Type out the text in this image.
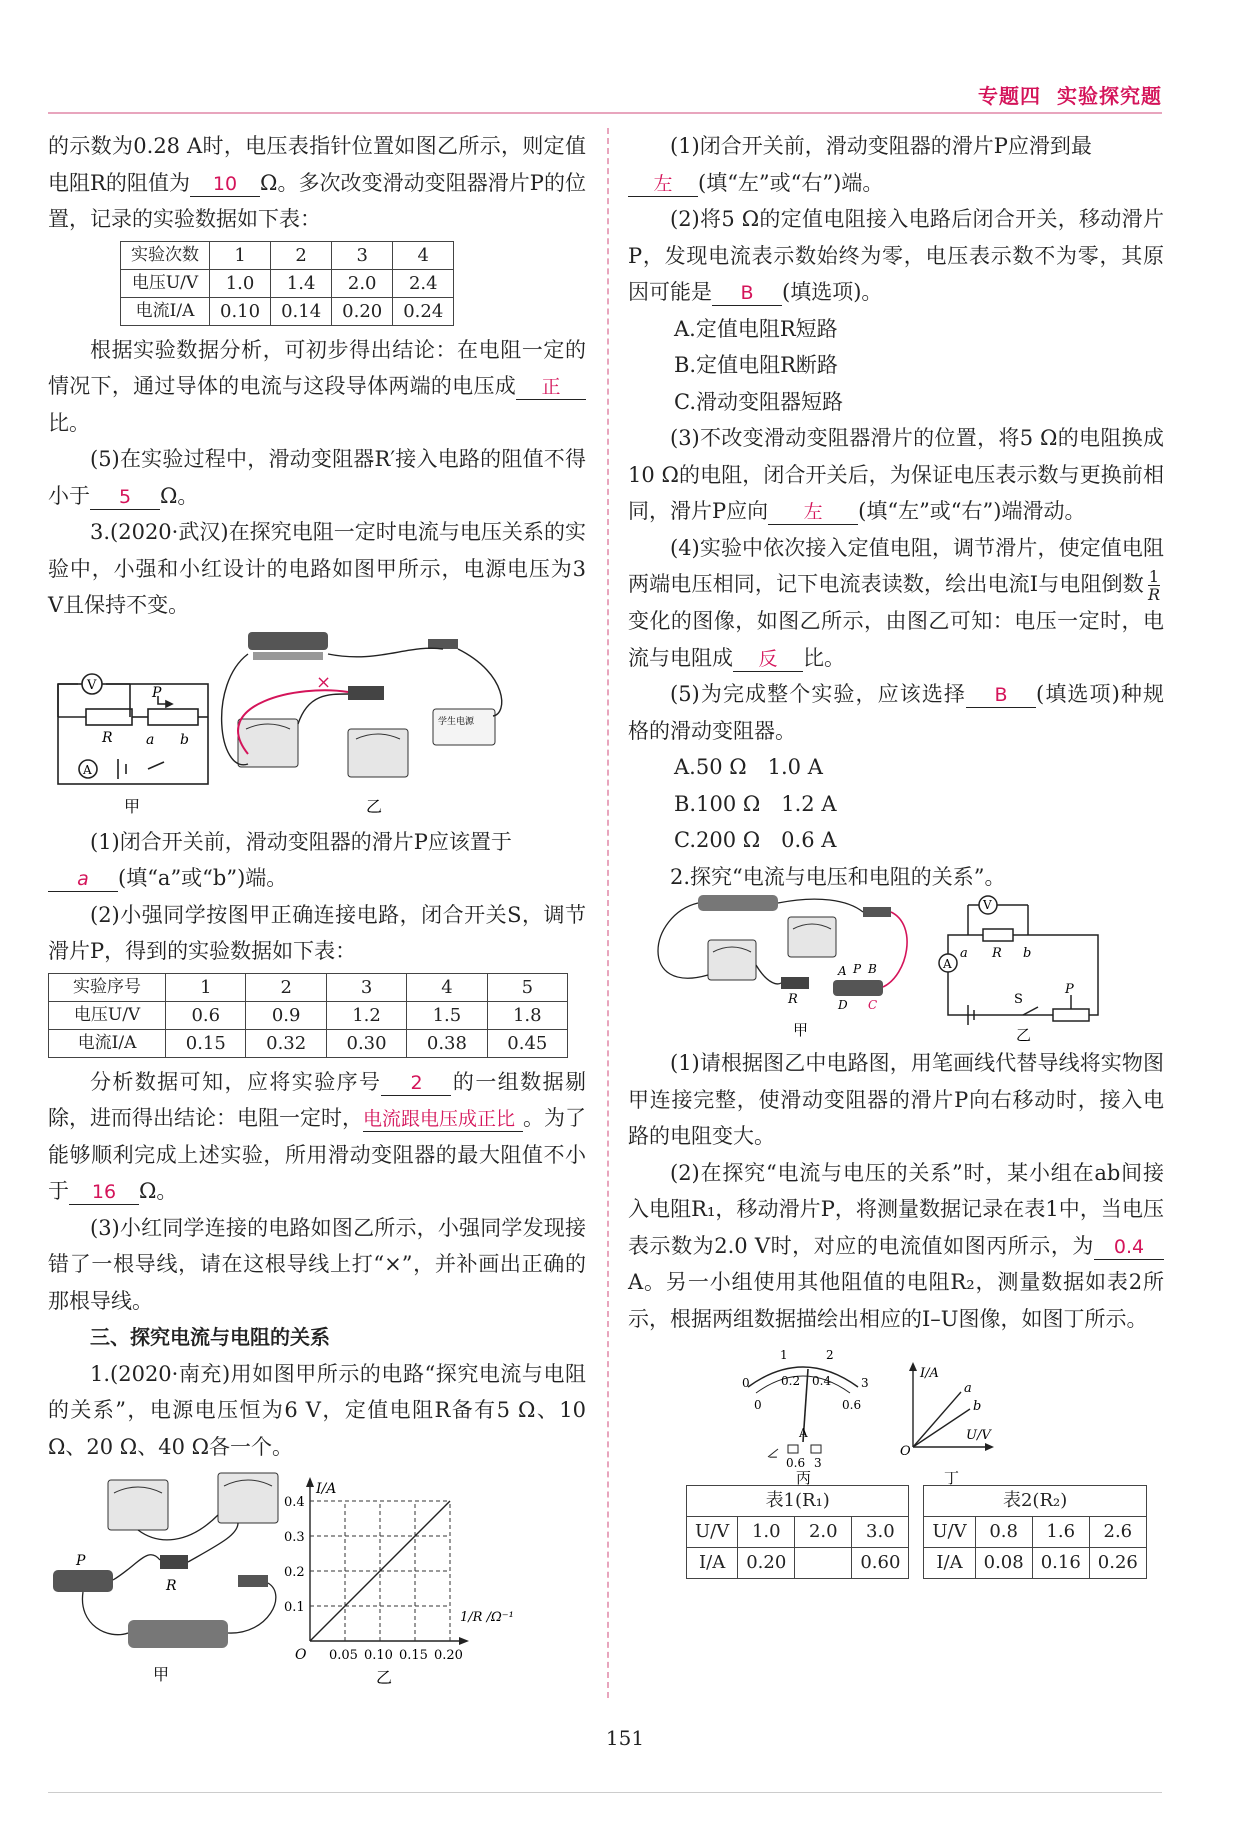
专题四 实验探究题

的示数为0.28 A时，电压表指针位置如图乙所示，则定值电阻R的阻值为 10 Ω。多次改变滑动变阻器滑片P的位置，记录的实验数据如下表：

实验次数	1	2	3	4
电压U/V	1.0	1.4	2.0	2.4
电流I/A	0.10	0.14	0.20	0.24

根据实验数据分析，可初步得出结论：在电阻一定的情况下，通过导体的电流与这段导体两端的电压成 正比。

(5)在实验过程中，滑动变阻器R′接入电路的阻值不得小于 5 Ω。

3.(2020·武汉)在探究电阻一定时电流与电压关系的实验中，小强和小红设计的电路如图甲所示，电源电压为3 V且保持不变。

V
A
R
P
a b
甲
学生电源
×
乙

(1)闭合开关前，滑动变阻器的滑片P应该置于
a (填“a”或“b”)端。

(2)小强同学按图甲正确连接电路，闭合开关S，调节滑片P，得到的实验数据如下表：

实验序号	1	2	3	4	5
电压U/V	0.6	0.9	1.2	1.5	1.8
电流I/A	0.15	0.32	0.30	0.38	0.45

分析数据可知，应将实验序号 2 的一组数据剔除，进而得出结论：电阻一定时，电流跟电压成正比 。为了能够顺利完成上述实验，所用滑动变阻器的最大阻值不小于 16 Ω。

(3)小红同学连接的电路如图乙所示，小强同学发现接错了一根导线，请在这根导线上打“×”，并补画出正确的那根导线。

三、探究电流与电阻的关系

1.(2020·南充)用如图甲所示的电路“探究电流与电阻的关系”，电源电压恒为6 V，定值电阻R备有5 Ω、10 Ω、20 Ω、40 Ω各一个。

P
R
甲
0.05 0.10 0.15 0.20
0.1
0.2
0.3
0.4
I/A
1/R /Ω⁻¹
O
乙

(1)闭合开关前，滑动变阻器的滑片P应滑到最
左 (填“左”或“右”)端。

(2)将5 Ω的定值电阻接入电路后闭合开关，移动滑片P，发现电流表示数始终为零，电压表示数不为零，其原因可能是 B (填选项)。

A.定值电阻R短路

B.定值电阻R断路

C.滑动变阻器短路

(3)不改变滑动变阻器滑片的位置，将5 Ω的电阻换成10 Ω的电阻，闭合开关后，为保证电压表示数与更换前相同，滑片P应向 左 (填“左”或“右”)端滑动。

(4)实验中依次接入定值电阻，调节滑片，使定值电阻两端电压相同，记下电流表读数，绘出电流I与电阻倒数 $\frac{1}{R}$
变化的图像，如图乙所示，由图乙可知：电压一定时，电流与电阻成 反 比。

(5)为完成整个实验，应该选择 B (填选项)种规格的滑动变阻器。

A.50 Ω　1.0 A

B.100 Ω　1.2 A

C.200 Ω　0.6 A

2.探究“电流与电压和电阻的关系”。

A P B
D C
R
甲
V
A
R
a	b
S
P
乙

(1)请根据图乙中电路图，用笔画线代替导线将实物图甲连接完整，使滑动变阻器的滑片P向右移动时，接入电路的电阻变大。

(2)在探究“电流与电压的关系”时，某小组在ab间接入电阻R₁，移动滑片P，将测量数据记录在表1中，当电压表示数为2.0 V时，对应的电流值如图丙所示，为 0.4A。另一小组使用其他阻值的电阻R₂，测量数据如表2所示，根据两组数据描绘出相应的I–U图像，如图丁所示。

0
1	2
3
0
0.2 0.4
0.6
A
− 0.6 3
丙
I/A
U/V
a
b
O
丁
表1(R₁)			
U/V	1.0	2.0	3.0
I/A	0.20		0.60
表2(R₂)			
U/V	0.8	1.6	2.6
I/A	0.08	0.16	0.26
151
